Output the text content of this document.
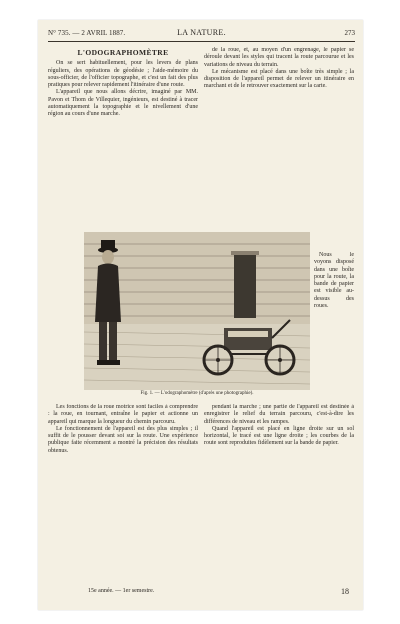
N° 735. — 2 AVRIL 1887.	LA NATURE.	273
L'ODOGRAPHOMÈTRE

On se sert habituellement, pour les levers de plans réguliers, des opérations de géodésie ; l'aide-mémoire du sous-officier, de l'officier topographe, et c'est un fait des plus pratiques pour relever rapidement l'itinéraire d'une route.

L'appareil que nous allons décrire, imaginé par MM. Pavon et Thom de Villequier, ingénieurs, est destiné à tracer automatiquement la topographie et le nivellement d'une région au cours d'une marche.

de la roue, et, au moyen d'un engrenage, le papier se déroule devant les styles qui tracent la route parcourue et les variations de niveau du terrain.

Le mécanisme est placé dans une boîte très simple ; la disposition de l'appareil permet de relever un itinéraire en marchant et de le retrouver exactement sur la carte.

Nous le voyons disposé dans une boîte pour la route, la bande de papier est visible au-dessus des roues.

Fig. 1. — L'odographomètre (d'après une photographie).

Les fonctions de la roue motrice sont faciles à comprendre : la roue, en tournant, entraîne le papier et actionne un appareil qui marque la longueur du chemin parcouru.

Le fonctionnement de l'appareil est des plus simples ; il suffit de le pousser devant soi sur la route. Une expérience publique faite récemment a montré la précision des résultats obtenus.

pendant la marche ; une partie de l'appareil est destinée à enregistrer le relief du terrain parcouru, c'est-à-dire les différences de niveau et les rampes.

Quand l'appareil est placé en ligne droite sur un sol horizontal, le tracé est une ligne droite ; les courbes de la route sont reproduites fidèlement sur la bande de papier.

15e année. — 1er semestre.	18
